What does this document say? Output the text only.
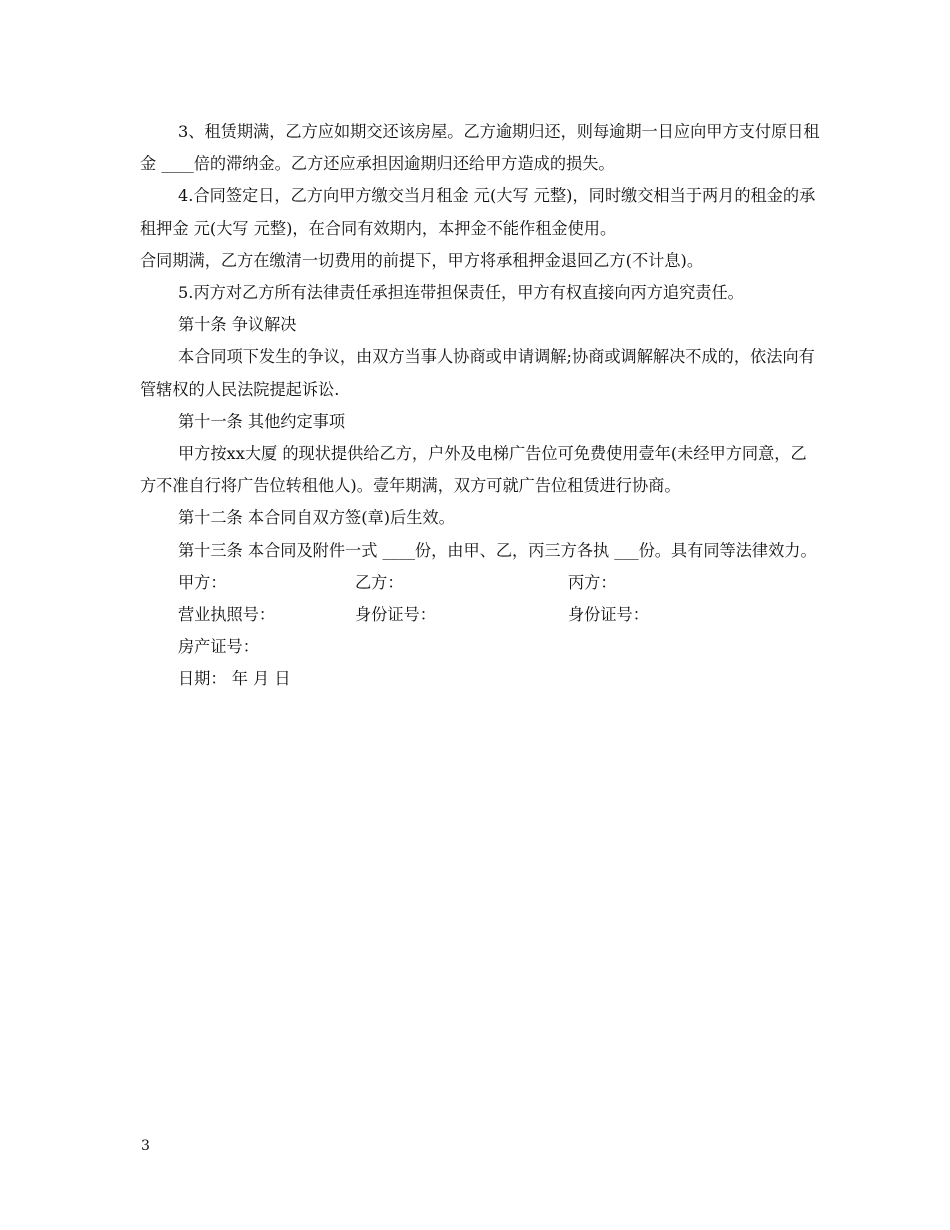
3、租赁期满，乙方应如期交还该房屋。乙方逾期归还，则每逾期一日应向甲方支付原日租金 ____倍的滞纳金。乙方还应承担因逾期归还给甲方造成的损失。

4.合同签定日，乙方向甲方缴交当月租金 元(大写 元整)，同时缴交相当于两月的租金的承租押金 元(大写 元整)，在合同有效期内，本押金不能作租金使用。

合同期满，乙方在缴清一切费用的前提下，甲方将承租押金退回乙方(不计息)。

5.丙方对乙方所有法律责任承担连带担保责任，甲方有权直接向丙方追究责任。

第十条 争议解决

本合同项下发生的争议，由双方当事人协商或申请调解;协商或调解解决不成的，依法向有管辖权的人民法院提起诉讼.

第十一条 其他约定事项

甲方按xx大厦 的现状提供给乙方，户外及电梯广告位可免费使用壹年(未经甲方同意，乙方不准自行将广告位转租他人)。壹年期满，双方可就广告位租赁进行协商。

第十二条 本合同自双方签(章)后生效。

第十三条 本合同及附件一式 ____份，由甲、乙，丙三方各执 ___份。具有同等法律效力。

甲方：	乙方：	丙方：
营业执照号：	身份证号：	身份证号：
房产证号：
日期： 年 月 日
3
